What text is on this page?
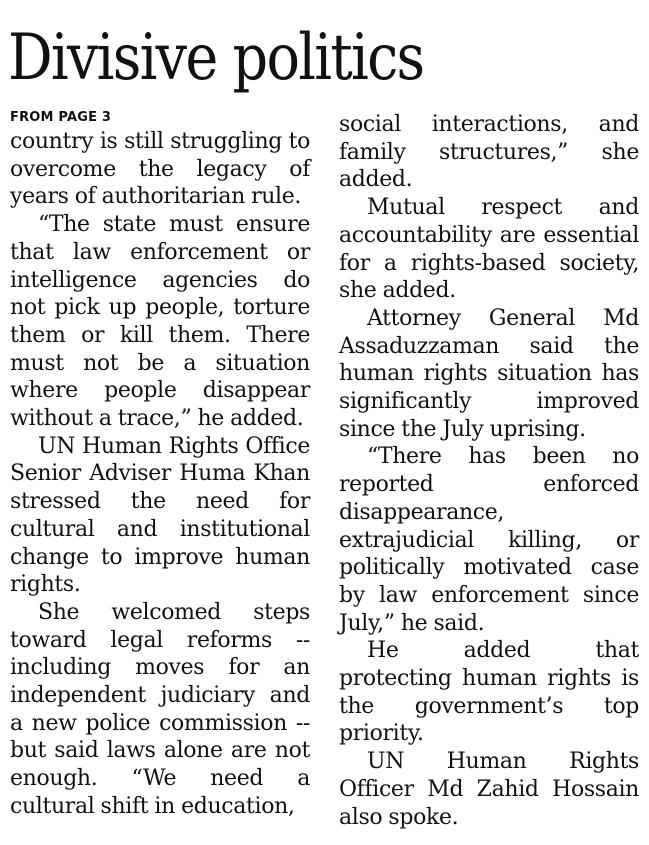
Divisive politics
FROM PAGE 3

country is still struggling to overcome the legacy of years of authoritarian rule.

“The state must ensure that law enforcement or intelligence agencies do not pick up people, torture them or kill them. There must not be a situation where people disappear without a trace,” he added.

UN Human Rights Office Senior Adviser Huma Khan stressed the need for cultural and institutional change to improve human rights.

She welcomed steps toward legal reforms -- including moves for an independent judiciary and a new police commission -- but said laws alone are not enough. “We need a cultural shift in education,

social interactions, and family structures,” she added.

Mutual respect and accountability are essential for a rights-based society, she added.

Attorney General Md Assaduzzaman said the human rights situation has significantly improved since the July uprising.

“There has been no reported enforced disappearance, extrajudicial killing, or politically motivated case by law enforcement since July,” he said.

He added that protecting human rights is the government’s top priority.

UN Human Rights Officer Md Zahid Hossain also spoke.
